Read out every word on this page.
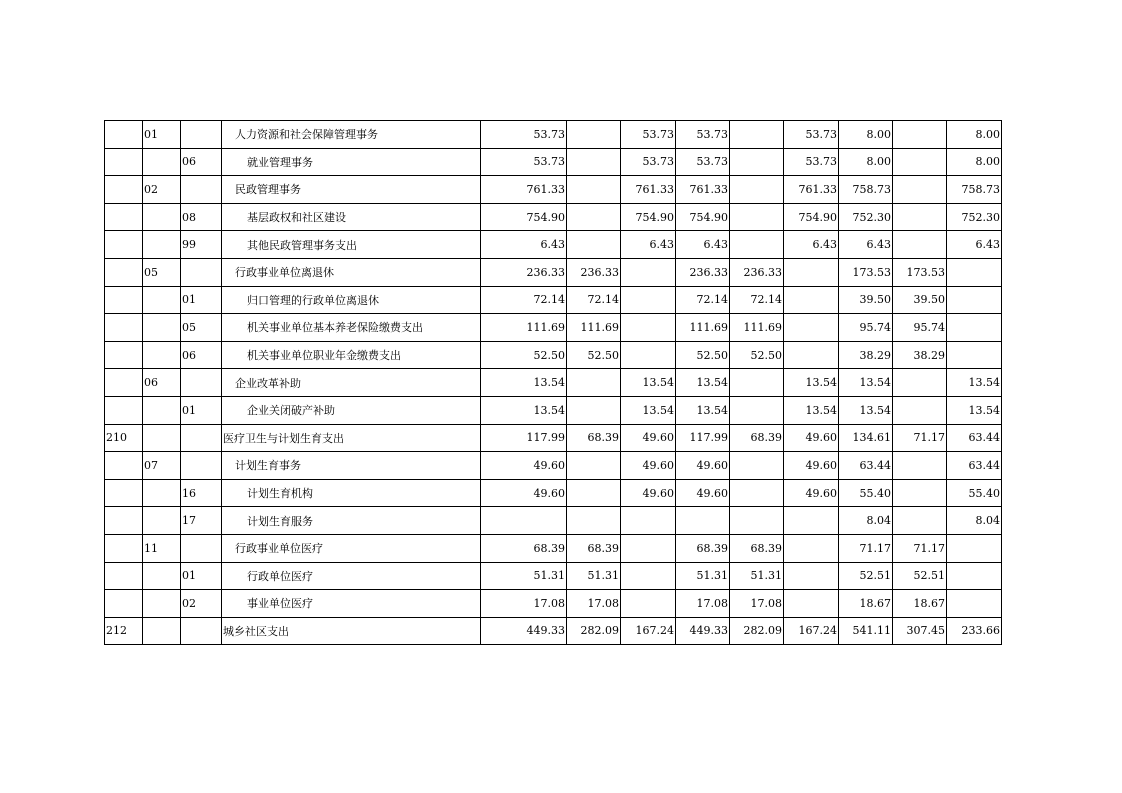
	01		人力资源和社会保障管理事务	53.73		53.73	53.73		53.73	8.00		8.00
		06	就业管理事务	53.73		53.73	53.73		53.73	8.00		8.00
	02		民政管理事务	761.33		761.33	761.33		761.33	758.73		758.73
		08	基层政权和社区建设	754.90		754.90	754.90		754.90	752.30		752.30
		99	其他民政管理事务支出	6.43		6.43	6.43		6.43	6.43		6.43
	05		行政事业单位离退休	236.33	236.33		236.33	236.33		173.53	173.53	
		01	归口管理的行政单位离退休	72.14	72.14		72.14	72.14		39.50	39.50	
		05	机关事业单位基本养老保险缴费支出	111.69	111.69		111.69	111.69		95.74	95.74	
		06	机关事业单位职业年金缴费支出	52.50	52.50		52.50	52.50		38.29	38.29	
	06		企业改革补助	13.54		13.54	13.54		13.54	13.54		13.54
		01	企业关闭破产补助	13.54		13.54	13.54		13.54	13.54		13.54
210			医疗卫生与计划生育支出	117.99	68.39	49.60	117.99	68.39	49.60	134.61	71.17	63.44
	07		计划生育事务	49.60		49.60	49.60		49.60	63.44		63.44
		16	计划生育机构	49.60		49.60	49.60		49.60	55.40		55.40
		17	计划生育服务							8.04		8.04
	11		行政事业单位医疗	68.39	68.39		68.39	68.39		71.17	71.17	
		01	行政单位医疗	51.31	51.31		51.31	51.31		52.51	52.51	
		02	事业单位医疗	17.08	17.08		17.08	17.08		18.67	18.67	
212			城乡社区支出	449.33	282.09	167.24	449.33	282.09	167.24	541.11	307.45	233.66
